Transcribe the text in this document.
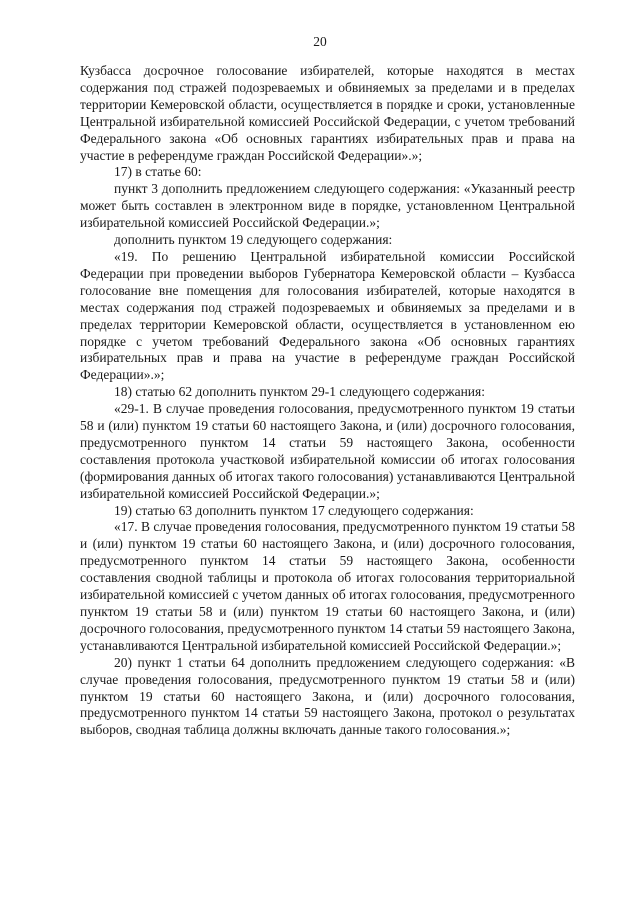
20

Кузбасса досрочное голосование избирателей, которые находятся в местах содержания под стражей подозреваемых и обвиняемых за пределами и в пределах территории Кемеровской области, осуществляется в порядке и сроки, установленные Центральной избирательной комиссией Российской Федерации, с учетом требований Федерального закона «Об основных гарантиях избирательных прав и права на участие в референдуме граждан Российской Федерации».»;

17) в статье 60:

пункт 3 дополнить предложением следующего содержания: «Указанный реестр может быть составлен в электронном виде в порядке, установленном Центральной избирательной комиссией Российской Федерации.»;

дополнить пунктом 19 следующего содержания:

«19. По решению Центральной избирательной комиссии Российской Федерации при проведении выборов Губернатора Кемеровской области – Кузбасса голосование вне помещения для голосования избирателей, которые находятся в местах содержания под стражей подозреваемых и обвиняемых за пределами и в пределах территории Кемеровской области, осуществляется в установленном ею порядке с учетом требований Федерального закона «Об основных гарантиях избирательных прав и права на участие в референдуме граждан Российской Федерации».»;

18) статью 62 дополнить пунктом 29-1 следующего содержания:

«29-1. В случае проведения голосования, предусмотренного пунктом 19 статьи 58 и (или) пунктом 19 статьи 60 настоящего Закона, и (или) досрочного голосования, предусмотренного пунктом 14 статьи 59 настоящего Закона, особенности составления протокола участковой избирательной комиссии об итогах голосования (формирования данных об итогах такого голосования) устанавливаются Центральной избирательной комиссией Российской Федерации.»;

19) статью 63 дополнить пунктом 17 следующего содержания:

«17. В случае проведения голосования, предусмотренного пунктом 19 статьи 58 и (или) пунктом 19 статьи 60 настоящего Закона, и (или) досрочного голосования, предусмотренного пунктом 14 статьи 59 настоящего Закона, особенности составления сводной таблицы и протокола об итогах голосования территориальной избирательной комиссией с учетом данных об итогах голосования, предусмотренного пунктом 19 статьи 58 и (или) пунктом 19 статьи 60 настоящего Закона, и (или) досрочного голосования, предусмотренного пунктом 14 статьи 59 настоящего Закона, устанавливаются Центральной избирательной комиссией Российской Федерации.»;

20) пункт 1 статьи 64 дополнить предложением следующего содержания: «В случае проведения голосования, предусмотренного пунктом 19 статьи 58 и (или) пунктом 19 статьи 60 настоящего Закона, и (или) досрочного голосования, предусмотренного пунктом 14 статьи 59 настоящего Закона, протокол о результатах выборов, сводная таблица должны включать данные такого голосования.»;
